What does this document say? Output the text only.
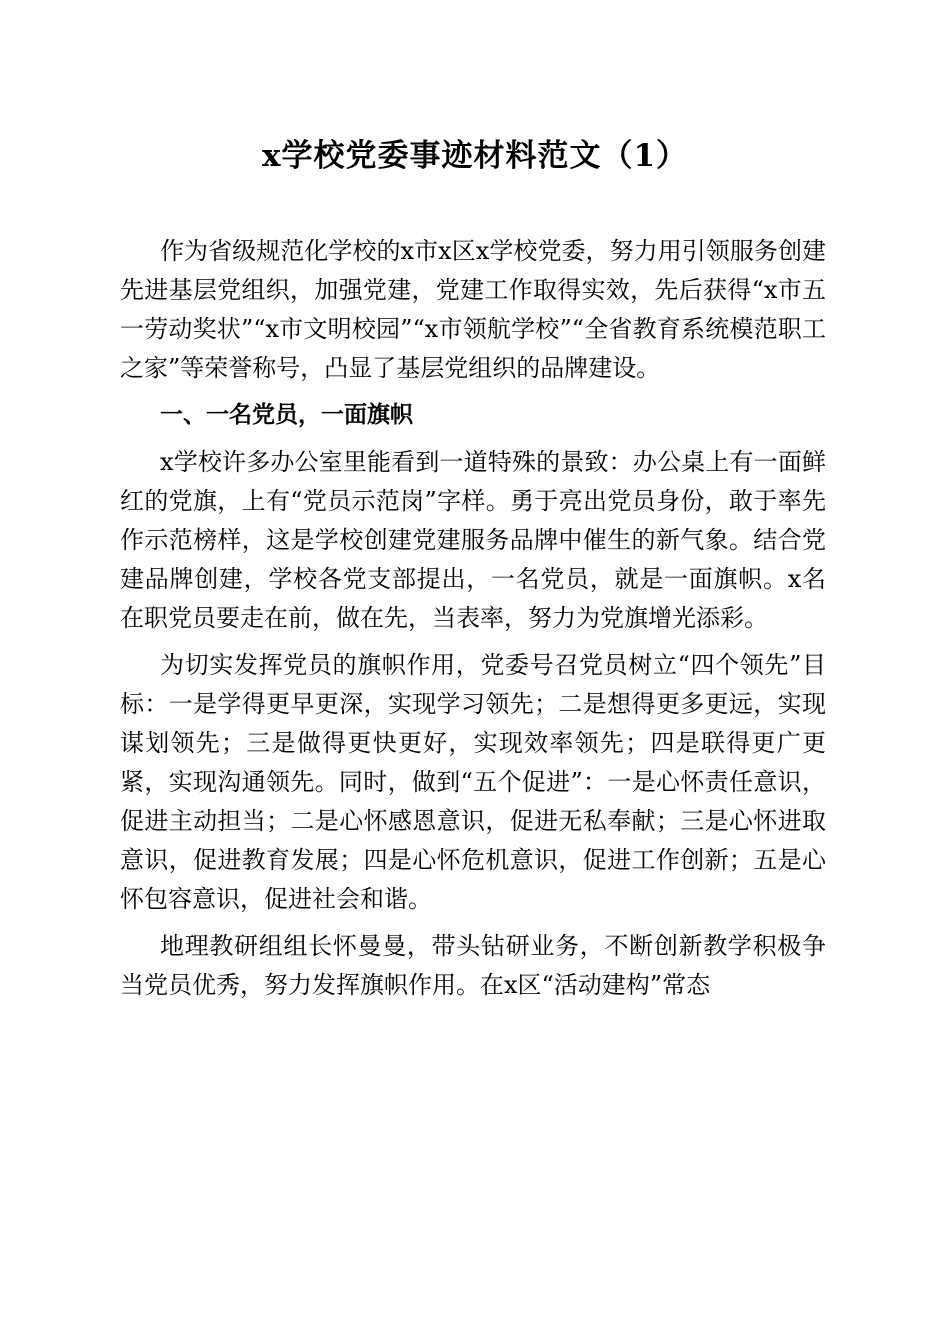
x学校党委事迹材料范文（1）

作为省级规范化学校的x市x区x学校党委，努力用引领服务创建先进基层党组织，加强党建，党建工作取得实效，先后获得“x市五一劳动奖状”“x市文明校园”“x市领航学校”“全省教育系统模范职工之家”等荣誉称号，凸显了基层党组织的品牌建设。

一、一名党员，一面旗帜

x学校许多办公室里能看到一道特殊的景致：办公桌上有一面鲜红的党旗，上有“党员示范岗”字样。勇于亮出党员身份，敢于率先作示范榜样，这是学校创建党建服务品牌中催生的新气象。结合党建品牌创建，学校各党支部提出，一名党员，就是一面旗帜。x名在职党员要走在前，做在先，当表率，努力为党旗增光添彩。

为切实发挥党员的旗帜作用，党委号召党员树立“四个领先”目标：一是学得更早更深，实现学习领先；二是想得更多更远，实现谋划领先；三是做得更快更好，实现效率领先；四是联得更广更紧，实现沟通领先。同时，做到“五个促进”：一是心怀责任意识，促进主动担当；二是心怀感恩意识，促进无私奉献；三是心怀进取意识，促进教育发展；四是心怀危机意识，促进工作创新；五是心怀包容意识，促进社会和谐。

地理教研组组长怀曼曼，带头钻研业务，不断创新教学积极争当党员优秀，努力发挥旗帜作用。在x区“活动建构”常态
